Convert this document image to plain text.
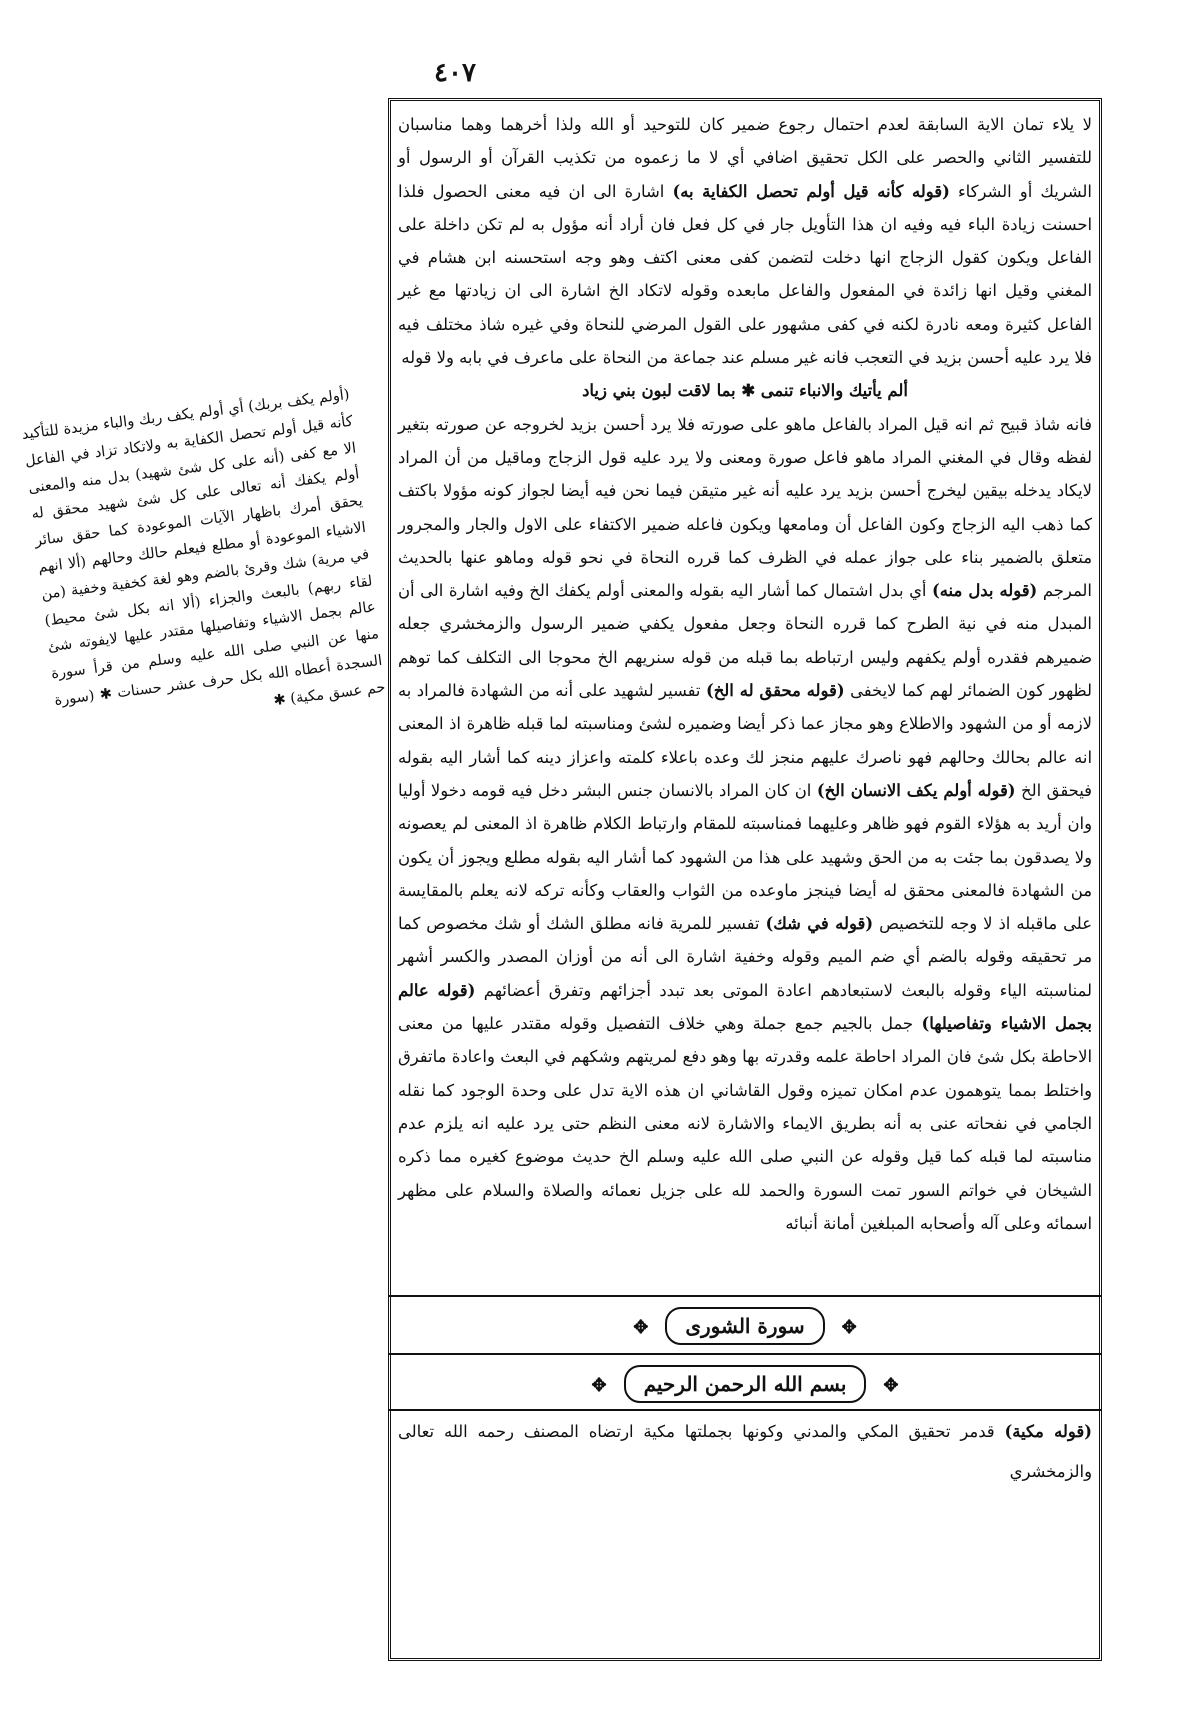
٤٠٧

لا يلاء تمان الاية السابقة لعدم احتمال رجوع ضمير كان للتوحيد أو الله ولذا أخرهما وهما مناسبان للتفسير الثاني والحصر على الكل تحقيق اضافي أي لا ما زعموه من تكذيب القرآن أو الرسول أو الشريك أو الشركاء (قوله كأنه قيل أولم تحصل الكفاية به) اشارة الى ان فيه معنى الحصول فلذا احسنت زيادة الباء فيه وفيه ان هذا التأويل جار في كل فعل فان أراد أنه مؤول به لم تكن داخلة على الفاعل ويكون كقول الزجاج انها دخلت لتضمن كفى معنى اكتف وهو وجه استحسنه ابن هشام في المغني وقيل انها زائدة في المفعول والفاعل مابعده وقوله لاتكاد الخ اشارة الى ان زيادتها مع غير الفاعل كثيرة ومعه نادرة لكنه في كفى مشهور على القول المرضي للنحاة وفي غيره شاذ مختلف فيه فلا يرد عليه أحسن بزيد في التعجب فانه غير مسلم عند جماعة من النحاة على ماعرف في بابه ولا قوله

ألم يأتيك والانباء تنمى ✱ بما لاقت لبون بني زياد

فانه شاذ قبيح ثم انه قيل المراد بالفاعل ماهو على صورته فلا يرد أحسن بزيد لخروجه عن صورته بتغير لفظه وقال في المغني المراد ماهو فاعل صورة ومعنى ولا يرد عليه قول الزجاج وماقيل من أن المراد لايكاد يدخله بيقين ليخرج أحسن بزيد يرد عليه أنه غير متيقن فيما نحن فيه أيضا لجواز كونه مؤولا باكتف كما ذهب اليه الزجاج وكون الفاعل أن ومامعها ويكون فاعله ضمير الاكتفاء على الاول والجار والمجرور متعلق بالضمير بناء على جواز عمله في الظرف كما قرره النحاة في نحو قوله وماهو عنها بالحديث المرجم (قوله بدل منه) أي بدل اشتمال كما أشار اليه بقوله والمعنى أولم يكفك الخ وفيه اشارة الى أن المبدل منه في نية الطرح كما قرره النحاة وجعل مفعول يكفي ضمير الرسول والزمخشري جعله ضميرهم فقدره أولم يكفهم وليس ارتباطه بما قبله من قوله سنريهم الخ محوجا الى التكلف كما توهم لظهور كون الضمائر لهم كما لايخفى (قوله محقق له الخ) تفسير لشهيد على أنه من الشهادة فالمراد به لازمه أو من الشهود والاطلاع وهو مجاز عما ذكر أيضا وضميره لشئ ومناسبته لما قبله ظاهرة اذ المعنى انه عالم بحالك وحالهم فهو ناصرك عليهم منجز لك وعده باعلاء كلمته واعزاز دينه كما أشار اليه بقوله فيحقق الخ (قوله أولم يكف الانسان الخ) ان كان المراد بالانسان جنس البشر دخل فيه قومه دخولا أوليا وان أريد به هؤلاء القوم فهو ظاهر وعليهما فمناسبته للمقام وارتباط الكلام ظاهرة اذ المعنى لم يعصونه ولا يصدقون بما جئت به من الحق وشهيد على هذا من الشهود كما أشار اليه بقوله مطلع ويجوز أن يكون من الشهادة فالمعنى محقق له أيضا فينجز ماوعده من الثواب والعقاب وكأنه تركه لانه يعلم بالمقايسة على ماقبله اذ لا وجه للتخصيص (قوله في شك) تفسير للمرية فانه مطلق الشك أو شك مخصوص كما مر تحقيقه وقوله بالضم أي ضم الميم وقوله وخفية اشارة الى أنه من أوزان المصدر والكسر أشهر لمناسبته الياء وقوله بالبعث لاستبعادهم اعادة الموتى بعد تبدد أجزائهم وتفرق أعضائهم (قوله عالم بجمل الاشياء وتفاصيلها) جمل بالجيم جمع جملة وهي خلاف التفصيل وقوله مقتدر عليها من معنى الاحاطة بكل شئ فان المراد احاطة علمه وقدرته بها وهو دفع لمريتهم وشكهم في البعث واعادة ماتفرق واختلط بمما يتوهمون عدم امكان تميزه وقول القاشاني ان هذه الاية تدل على وحدة الوجود كما نقله الجامي في نفحاته عنى به أنه بطريق الايماء والاشارة لانه معنى النظم حتى يرد عليه انه يلزم عدم مناسبته لما قبله كما قيل وقوله عن النبي صلى الله عليه وسلم الخ حديث موضوع كغيره مما ذكره الشيخان في خواتم السور تمت السورة والحمد لله على جزيل نعمائه والصلاة والسلام على مظهر اسمائه وعلى آله وأصحابه المبلغين أمانة أنبائه

✥ سورة الشورى ✥
✥ بسم الله الرحمن الرحيم ✥
(قوله مكية) قدمر تحقيق المكي والمدني وكونها بجملتها مكية ارتضاه المصنف رحمه الله تعالى والزمخشري
(أولم يكف بربك) أي أولم يكف ربك والباء مزيدة للتأكيد كأنه قيل أولم تحصل الكفاية به ولاتكاد تزاد في الفاعل الا مع كفى (أنه على كل شئ شهيد) بدل منه والمعنى أولم يكفك أنه تعالى على كل شئ شهيد محقق له يحقق أمرك باظهار الآيات الموعودة كما حقق سائر الاشياء الموعودة أو مطلع فيعلم حالك وحالهم (ألا انهم في مرية) شك وقرئ بالضم وهو لغة كخفية وخفية (من لقاء ربهم) بالبعث والجزاء (ألا انه بكل شئ محيط) عالم بجمل الاشياء وتفاصيلها مقتدر عليها لايفوته شئ منها عن النبي صلى الله عليه وسلم من قرأ سورة السجدة أعطاه الله بكل حرف عشر حسنات ✱ (سورة حم عسق مكية) ✱
